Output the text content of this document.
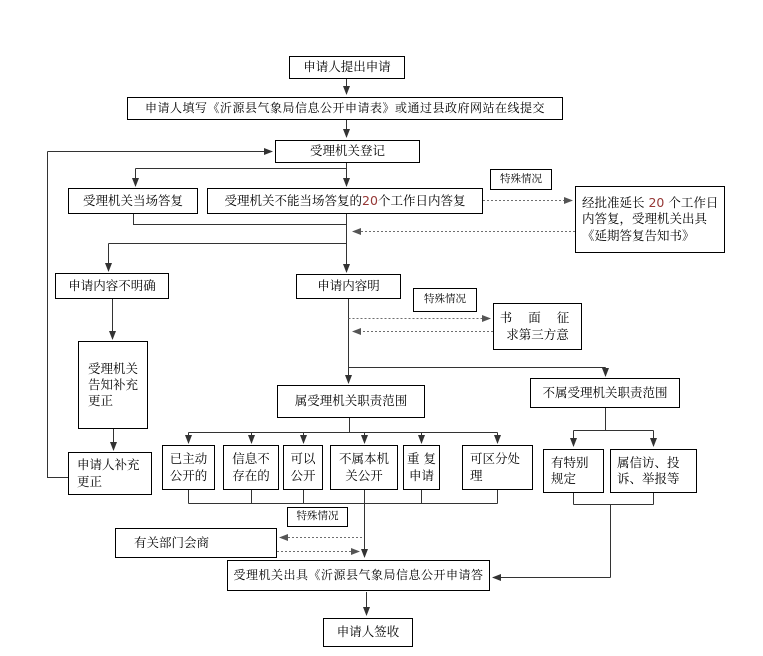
申请人提出申请
申请人填写《沂源县气象局信息公开申请表》或通过县政府网站在线提交
受理机关登记
受理机关当场答复	受理机关不能当场答复的 20 个工作日内答复
特殊情况
经批准延长 20 个工作日
内答复，受理机关出具
《延期答复告知书》
申请内容不明确	申请内容明
特殊情况
书 面 征
求第三方意
受理机关
告知补充
更正
申请人补充
更正
属受理机关职责范围
不属受理机关职责范围
已主动
公开的
信息不
存在的
可以
公开
不属本机
关公开
重 复
申请
可区分处
理
有特别
规定
属信访、投
诉、举报等
有关部门会商
特殊情况
受理机关出具《沂源县气象局信息公开申请答
申请人签收
